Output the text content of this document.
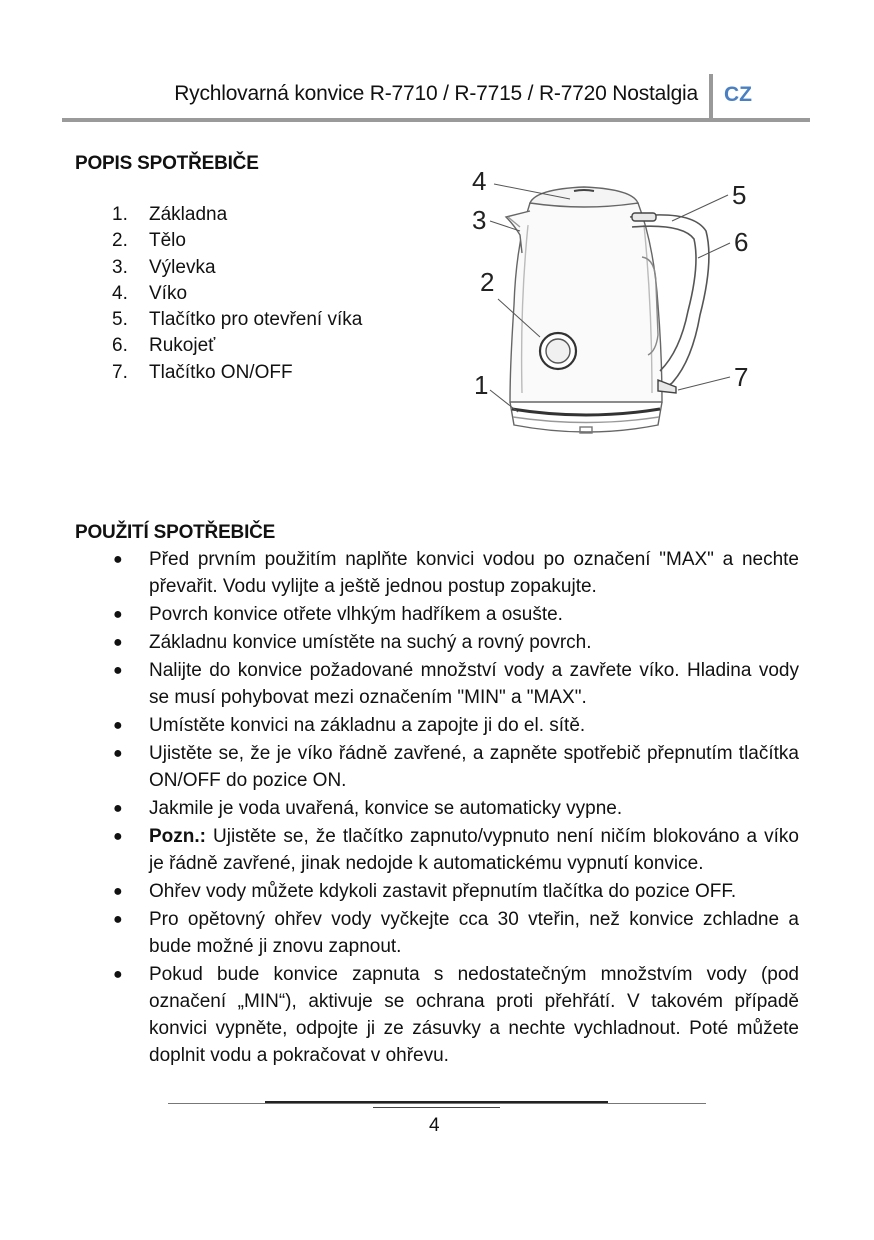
Rychlovarná konvice R-7710 / R-7715 / R-7720 Nostalgia CZ
POPIS SPOTŘEBIČE
1.	Základna
2.	Tělo
3.	Výlevka
4.	Víko
5.	Tlačítko pro otevření víka
6.	Rukojeť
7.	Tlačítko ON/OFF
4
3
2
1
5
6
7
POUŽITÍ SPOTŘEBIČE
●	Před prvním použitím naplňte konvici vodou po označení "MAX" a nechte převařit. Vodu vylijte a ještě jednou postup zopakujte.
●	Povrch konvice otřete vlhkým hadříkem a osušte.
●	Základnu konvice umístěte na suchý a rovný povrch.
●	Nalijte do konvice požadované množství vody a zavřete víko. Hladina vody se musí pohybovat mezi označením "MIN" a "MAX".
●	Umístěte konvici na základnu a zapojte ji do el. sítě.
●	Ujistěte se, že je víko řádně zavřené, a zapněte spotřebič přepnutím tlačítka ON/OFF do pozice ON.
●	Jakmile je voda uvařená, konvice se automaticky vypne.
●	Pozn.: Ujistěte se, že tlačítko zapnuto/vypnuto není ničím blokováno a víko je řádně zavřené, jinak nedojde k automatickému vypnutí konvice.
●	Ohřev vody můžete kdykoli zastavit přepnutím tlačítka do pozice OFF.
●	Pro opětovný ohřev vody vyčkejte cca 30 vteřin, než konvice zchladne a bude možné ji znovu zapnout.
●	Pokud bude konvice zapnuta s nedostatečným množstvím vody (pod označení „MIN“), aktivuje se ochrana proti přehřátí. V takovém případě konvici vypněte, odpojte ji ze zásuvky a nechte vychladnout. Poté můžete doplnit vodu a pokračovat v ohřevu.
4
